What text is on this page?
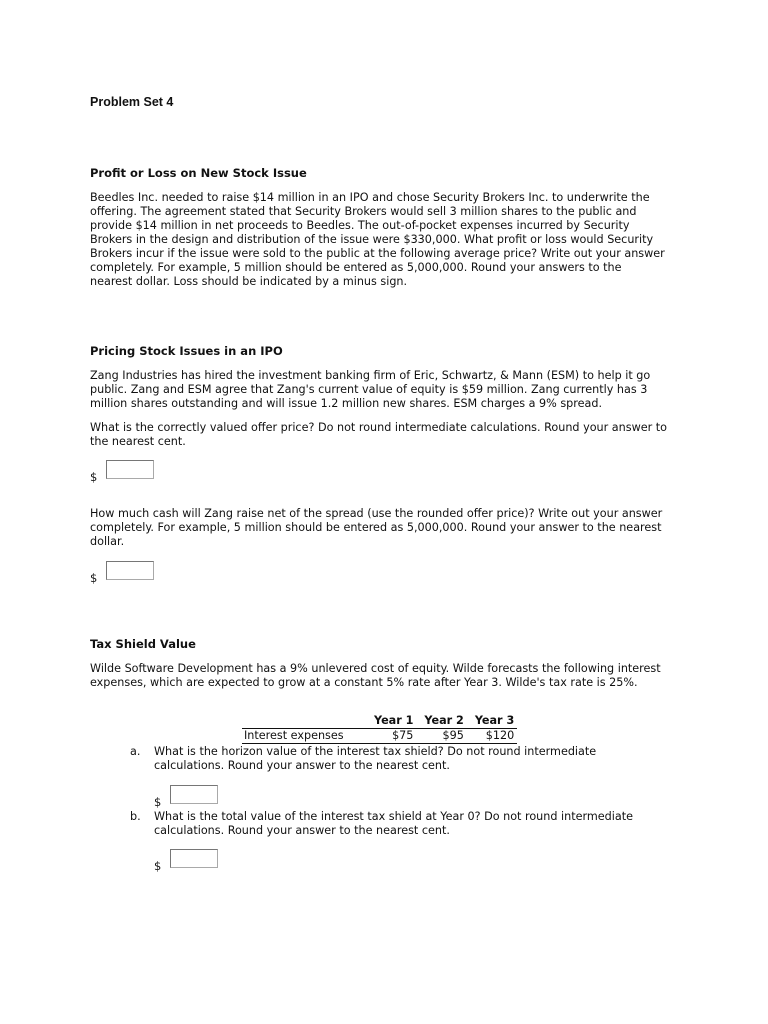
Problem Set 4
Profit or Loss on New Stock Issue

Beedles Inc. needed to raise $14 million in an IPO and chose Security Brokers Inc. to underwrite the
offering. The agreement stated that Security Brokers would sell 3 million shares to the public and
provide $14 million in net proceeds to Beedles. The out-of-pocket expenses incurred by Security
Brokers in the design and distribution of the issue were $330,000. What profit or loss would Security
Brokers incur if the issue were sold to the public at the following average price? Write out your answer
completely. For example, 5 million should be entered as 5,000,000. Round your answers to the
nearest dollar. Loss should be indicated by a minus sign.

Pricing Stock Issues in an IPO

Zang Industries has hired the investment banking firm of Eric, Schwartz, & Mann (ESM) to help it go
public. Zang and ESM agree that Zang's current value of equity is $59 million. Zang currently has 3
million shares outstanding and will issue 1.2 million new shares. ESM charges a 9% spread.

What is the correctly valued offer price? Do not round intermediate calculations. Round your answer to
the nearest cent.

$

How much cash will Zang raise net of the spread (use the rounded offer price)? Write out your answer
completely. For example, 5 million should be entered as 5,000,000. Round your answer to the nearest
dollar.

$
Tax Shield Value

Wilde Software Development has a 9% unlevered cost of equity. Wilde forecasts the following interest
expenses, which are expected to grow at a constant 5% rate after Year 3. Wilde's tax rate is 25%.

	Year 1	Year 2	Year 3
Interest expenses	$75	$95	$120
a. What is the horizon value of the interest tax shield? Do not round intermediate
calculations. Round your answer to the nearest cent.

$
b. What is the total value of the interest tax shield at Year 0? Do not round intermediate
calculations. Round your answer to the nearest cent.

$
